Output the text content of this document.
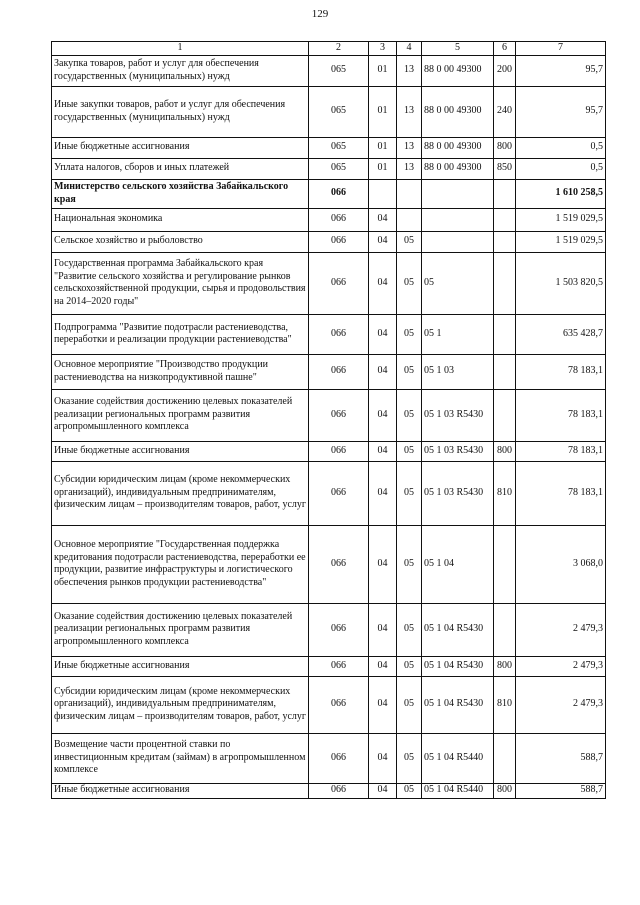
129
1	2	3	4	5	6	7
Закупка товаров, работ и услуг для обеспечения государственных (муниципальных) нужд	065	01	13	88 0 00 49300	200	95,7
Иные закупки товаров, работ и услуг для обеспечения государственных (муниципальных) нужд	065	01	13	88 0 00 49300	240	95,7
Иные бюджетные ассигнования	065	01	13	88 0 00 49300	800	0,5
Уплата налогов, сборов и иных платежей	065	01	13	88 0 00 49300	850	0,5
Министерство сельского хозяйства Забайкальского края	066					1 610 258,5
Национальная экономика	066	04				1 519 029,5
Сельское хозяйство и рыболовство	066	04	05			1 519 029,5
Государственная программа Забайкальского края "Развитие сельского хозяйства и регулирование рынков сельскохозяйственной продукции, сырья и продовольствия на 2014–2020 годы"	066	04	05	05		1 503 820,5
Подпрограмма "Развитие подотрасли растениеводства, переработки и реализации продукции растениеводства"	066	04	05	05 1		635 428,7
Основное мероприятие "Производство продукции растениеводства на низкопродуктивной пашне"	066	04	05	05 1 03		78 183,1
Оказание содействия достижению целевых показателей реализации региональных программ развития агропромышленного комплекса	066	04	05	05 1 03 R5430		78 183,1
Иные бюджетные ассигнования	066	04	05	05 1 03 R5430	800	78 183,1
Субсидии юридическим лицам (кроме некоммерческих организаций), индивидуальным предпринимателям, физическим лицам – производителям товаров, работ, услуг	066	04	05	05 1 03 R5430	810	78 183,1
Основное мероприятие "Государственная поддержка кредитования подотрасли растениеводства, переработки ее продукции, развитие инфраструктуры и логистического обеспечения рынков продукции растениеводства"	066	04	05	05 1 04		3 068,0
Оказание содействия достижению целевых показателей реализации региональных программ развития агропромышленного комплекса	066	04	05	05 1 04 R5430		2 479,3
Иные бюджетные ассигнования	066	04	05	05 1 04 R5430	800	2 479,3
Субсидии юридическим лицам (кроме некоммерческих организаций), индивидуальным предпринимателям, физическим лицам – производителям товаров, работ, услуг	066	04	05	05 1 04 R5430	810	2 479,3
Возмещение части процентной ставки по инвестиционным кредитам (займам) в агропромышленном комплексе	066	04	05	05 1 04 R5440		588,7
Иные бюджетные ассигнования	066	04	05	05 1 04 R5440	800	588,7
